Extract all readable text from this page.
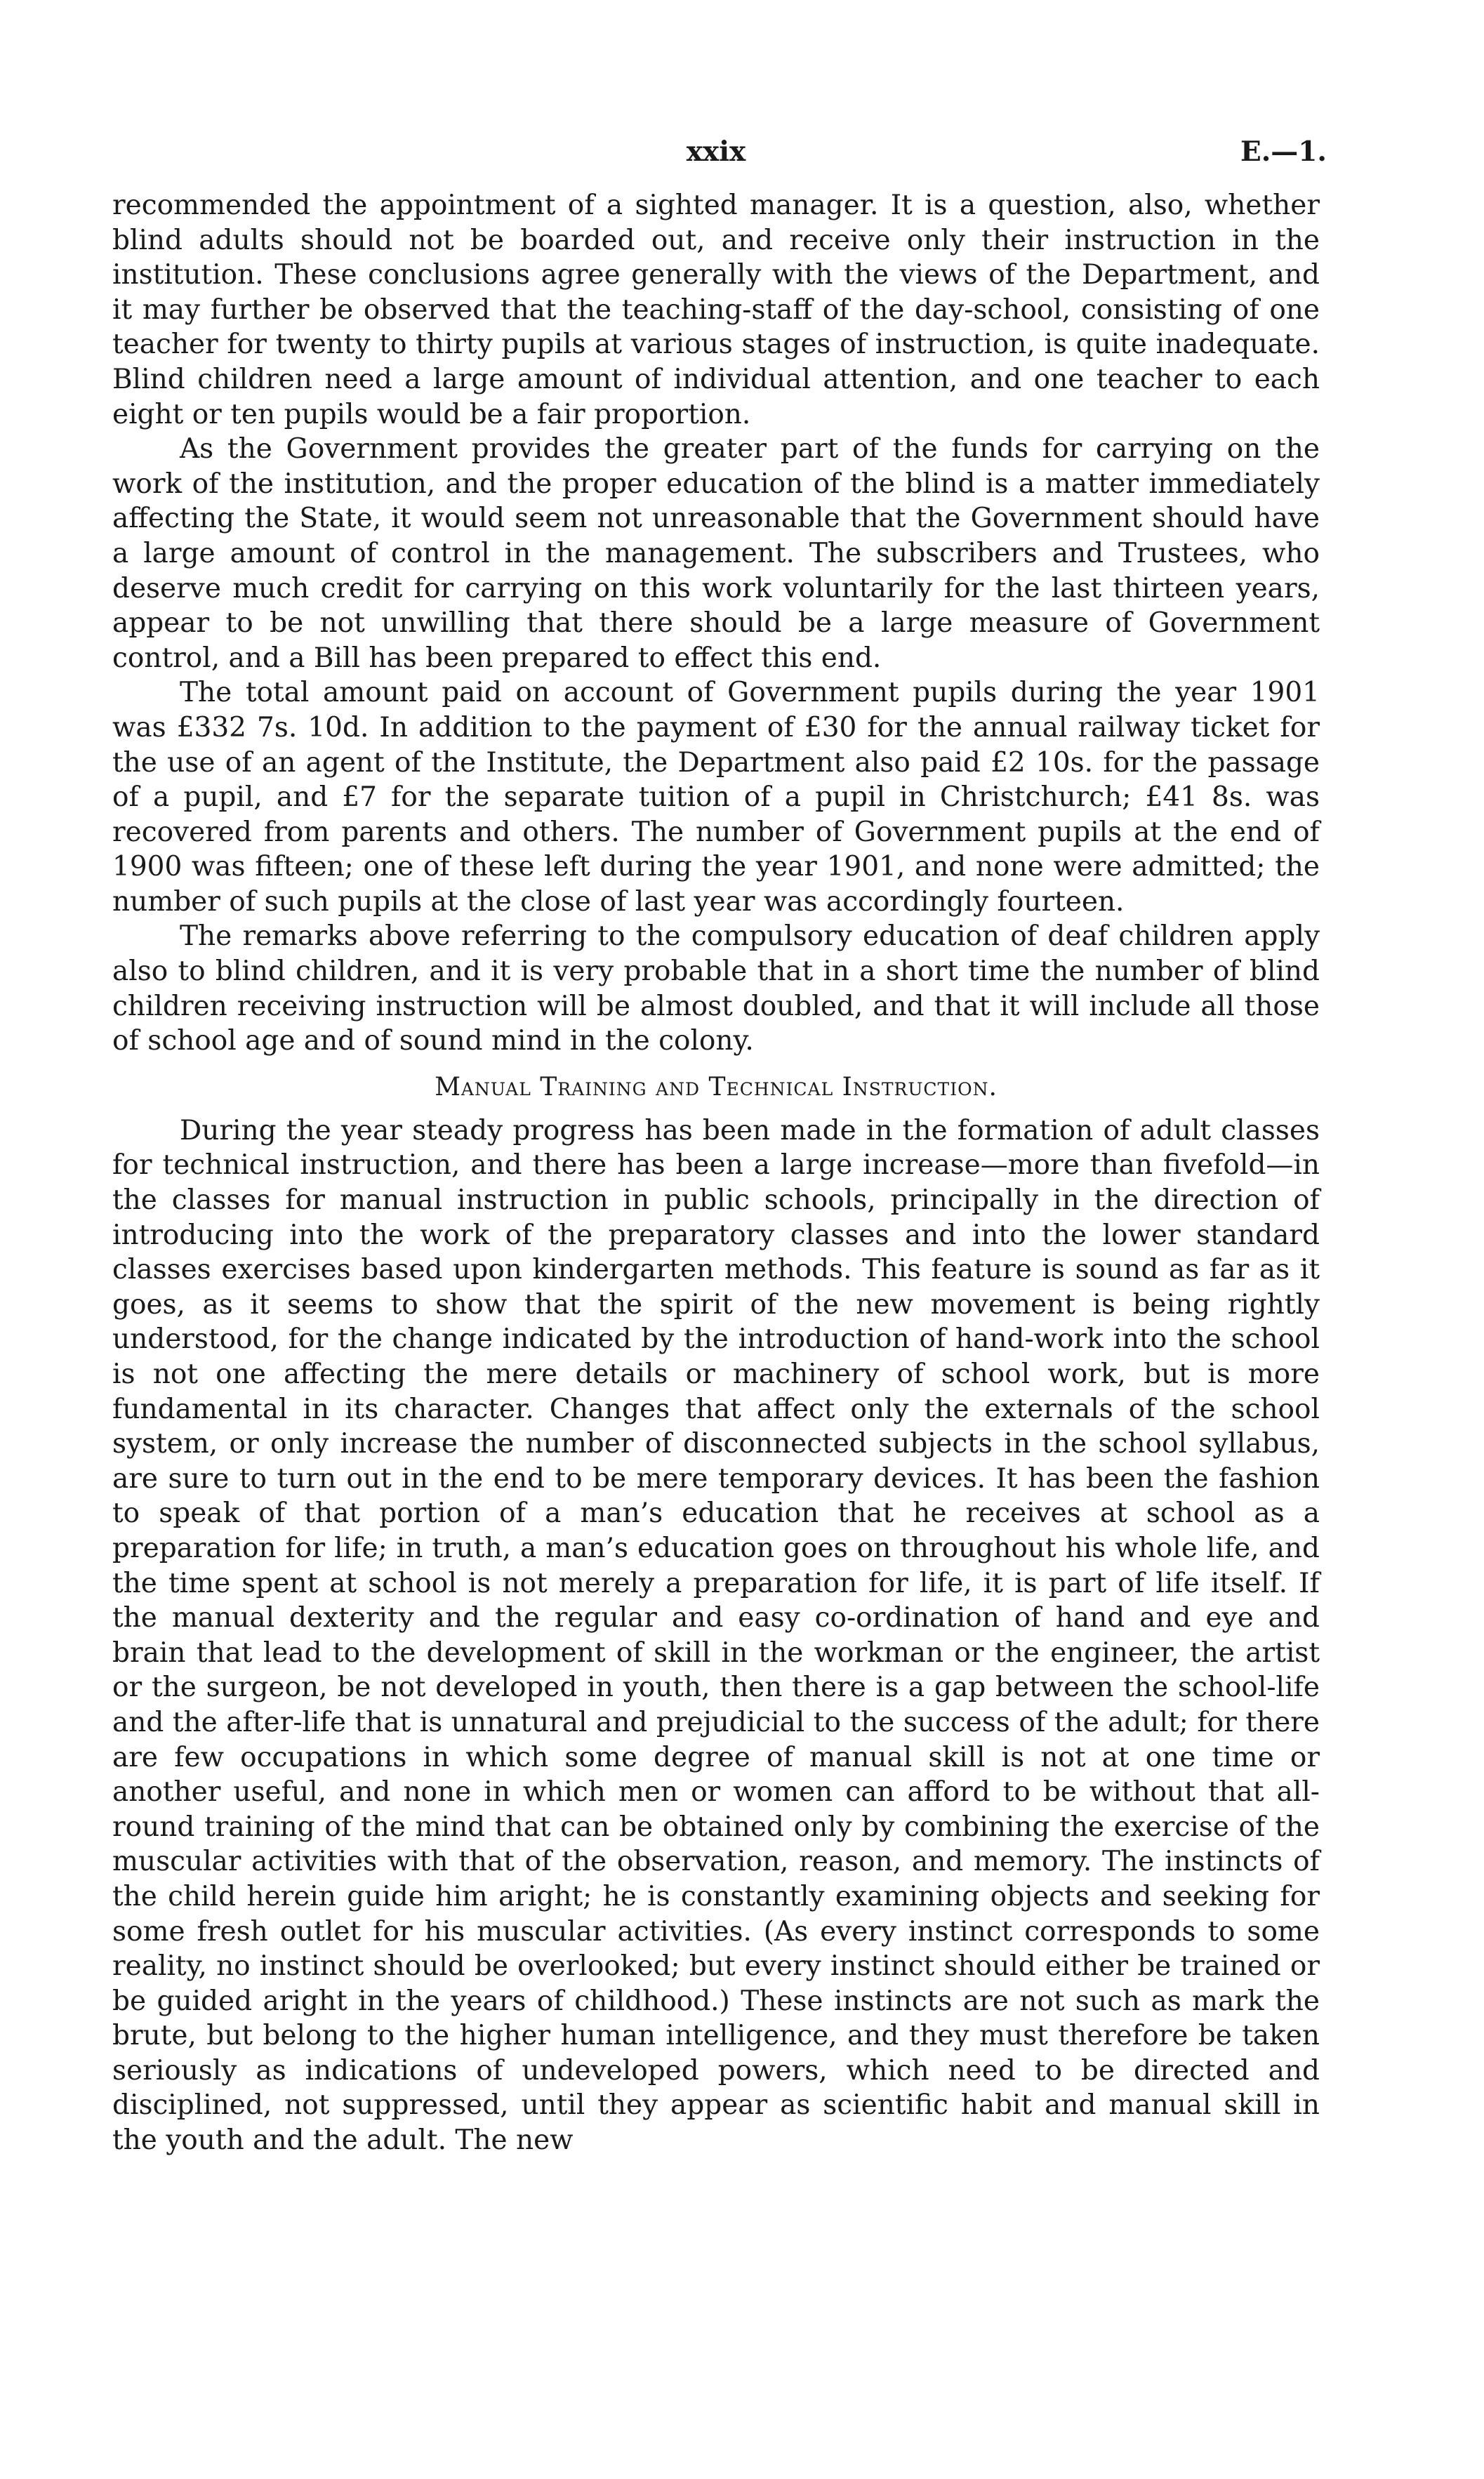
xxix	E.—1.

recommended the appointment of a sighted manager. It is a question, also, whether blind adults should not be boarded out, and receive only their instruction in the institution. These conclusions agree generally with the views of the Department, and it may further be observed that the teaching-staff of the day-school, consisting of one teacher for twenty to thirty pupils at various stages of instruction, is quite inadequate. Blind children need a large amount of individual attention, and one teacher to each eight or ten pupils would be a fair proportion.

As the Government provides the greater part of the funds for carrying on the work of the institution, and the proper education of the blind is a matter immediately affecting the State, it would seem not unreasonable that the Government should have a large amount of control in the management. The subscribers and Trustees, who deserve much credit for carrying on this work voluntarily for the last thirteen years, appear to be not unwilling that there should be a large measure of Government control, and a Bill has been prepared to effect this end.

The total amount paid on account of Government pupils during the year 1901 was £332 7s. 10d. In addition to the payment of £30 for the annual railway ticket for the use of an agent of the Institute, the Department also paid £2 10s. for the passage of a pupil, and £7 for the separate tuition of a pupil in Christchurch; £41 8s. was recovered from parents and others. The number of Government pupils at the end of 1900 was fifteen; one of these left during the year 1901, and none were admitted; the number of such pupils at the close of last year was accordingly fourteen.

The remarks above referring to the compulsory education of deaf children apply also to blind children, and it is very probable that in a short time the number of blind children receiving instruction will be almost doubled, and that it will include all those of school age and of sound mind in the colony.

Manual Training and Technical Instruction.

During the year steady progress has been made in the formation of adult classes for technical instruction, and there has been a large increase—more than fivefold—in the classes for manual instruction in public schools, principally in the direction of introducing into the work of the preparatory classes and into the lower standard classes exercises based upon kindergarten methods. This feature is sound as far as it goes, as it seems to show that the spirit of the new movement is being rightly understood, for the change indicated by the introduction of hand-work into the school is not one affecting the mere details or machinery of school work, but is more fundamental in its character. Changes that affect only the externals of the school system, or only increase the number of disconnected subjects in the school syllabus, are sure to turn out in the end to be mere temporary devices. It has been the fashion to speak of that portion of a man’s education that he receives at school as a preparation for life; in truth, a man’s education goes on throughout his whole life, and the time spent at school is not merely a preparation for life, it is part of life itself. If the manual dexterity and the regular and easy co-ordination of hand and eye and brain that lead to the development of skill in the workman or the engineer, the artist or the surgeon, be not developed in youth, then there is a gap between the school-life and the after-life that is unnatural and prejudicial to the success of the adult; for there are few occupations in which some degree of manual skill is not at one time or another useful, and none in which men or women can afford to be without that all-round training of the mind that can be obtained only by combining the exercise of the muscular activities with that of the observation, reason, and memory. The instincts of the child herein guide him aright; he is constantly examining objects and seeking for some fresh outlet for his muscular activities. (As every instinct corresponds to some reality, no instinct should be overlooked; but every instinct should either be trained or be guided aright in the years of childhood.) These instincts are not such as mark the brute, but belong to the higher human intelligence, and they must therefore be taken seriously as indications of undeveloped powers, which need to be directed and disciplined, not suppressed, until they appear as scientific habit and manual skill in the youth and the adult. The new
